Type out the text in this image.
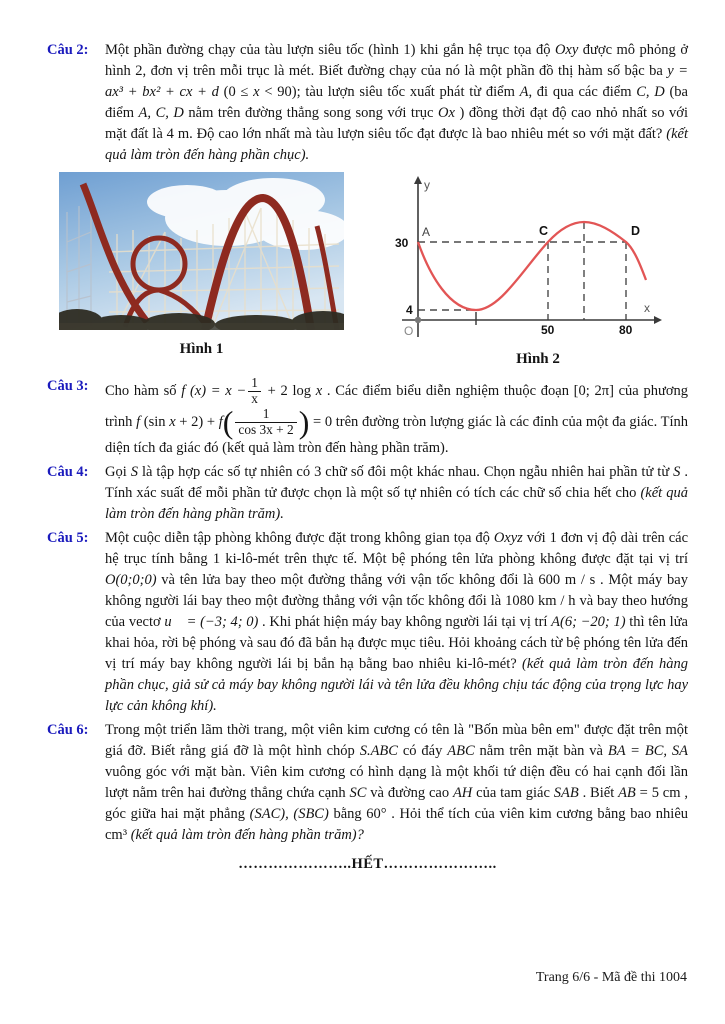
Câu 2:	Một phần đường chạy của tàu lượn siêu tốc (hình 1) khi gắn hệ trục tọa độ Oxy được mô phỏng ở hình 2, đơn vị trên mỗi trục là mét. Biết đường chạy của nó là một phần đồ thị hàm số bậc ba y = ax³ + bx² + cx + d (0 ≤ x < 90); tàu lượn siêu tốc xuất phát từ điểm A, đi qua các điểm C, D (ba điểm A, C, D nằm trên đường thẳng song song với trục Ox ) đồng thời đạt độ cao nhỏ nhất so với mặt đất là 4 m. Độ cao lớn nhất mà tàu lượn siêu tốc đạt được là bao nhiêu mét so với mặt đất? (kết quả làm tròn đến hàng phần chục).
Hình 1
y
x
O
30
4
50	80
A	C	D
Hình 2
Câu 3:	Cho hàm số f $(x) = x - \frac{1}{x} + 2$ log x . Các điểm biểu diễn nghiệm thuộc đoạn [0; 2π] của phương trình f (sin $x + 2) + f( \frac{1}{\cos 3x + 2}$ ) = 0 trên đường tròn lượng giác là các đỉnh của một đa giác. Tính diện tích đa giác đó (kết quả làm tròn đến hàng phần trăm).
Câu 4:	Gọi S là tập hợp các số tự nhiên có 3 chữ số đôi một khác nhau. Chọn ngẫu nhiên hai phần tử từ S . Tính xác suất để mỗi phần tử được chọn là một số tự nhiên có tích các chữ số chia hết cho (kết quả làm tròn đến hàng phần trăm).
Câu 5:	Một cuộc diễn tập phòng không được đặt trong không gian tọa độ Oxyz với 1 đơn vị độ dài trên các hệ trục tính bằng 1 ki-lô-mét trên thực tế. Một bệ phóng tên lửa phòng không được đặt tại vị trí O(0;0;0) và tên lửa bay theo một đường thẳng với vận tốc không đổi là 600 m / s . Một máy bay không người lái bay theo một đường thẳng với vận tốc không đổi là 1080 km / h và bay theo hướng của vectơ u⃗ = (−3; 4; 0) . Khi phát hiện máy bay không người lái tại vị trí A(6; −20; 1) thì tên lửa khai hỏa, rời bệ phóng và sau đó đã bắn hạ được mục tiêu. Hỏi khoảng cách từ bệ phóng tên lửa đến vị trí máy bay không người lái bị bắn hạ bằng bao nhiêu ki-lô-mét? (kết quả làm tròn đến hàng phần chục, giả sử cả máy bay không người lái và tên lửa đều không chịu tác động của trọng lực hay lực cản không khí).
Câu 6:	Trong một triển lãm thời trang, một viên kim cương có tên là "Bốn mùa bên em" được đặt trên một giá đỡ. Biết rằng giá đỡ là một hình chóp S.ABC có đáy ABC nằm trên mặt bàn và BA = BC, SA vuông góc với mặt bàn. Viên kim cương có hình dạng là một khối tứ diện đều có hai cạnh đối lần lượt nằm trên hai đường thẳng chứa cạnh SC và đường cao AH của tam giác SAB . Biết AB = 5 cm , góc giữa hai mặt phẳng (SAC), (SBC) bằng 60° . Hỏi thể tích của viên kim cương bằng bao nhiêu cm³ (kết quả làm tròn đến hàng phần trăm)?
…………………..HẾT…………………..
Trang 6/6 - Mã đề thi 1004
